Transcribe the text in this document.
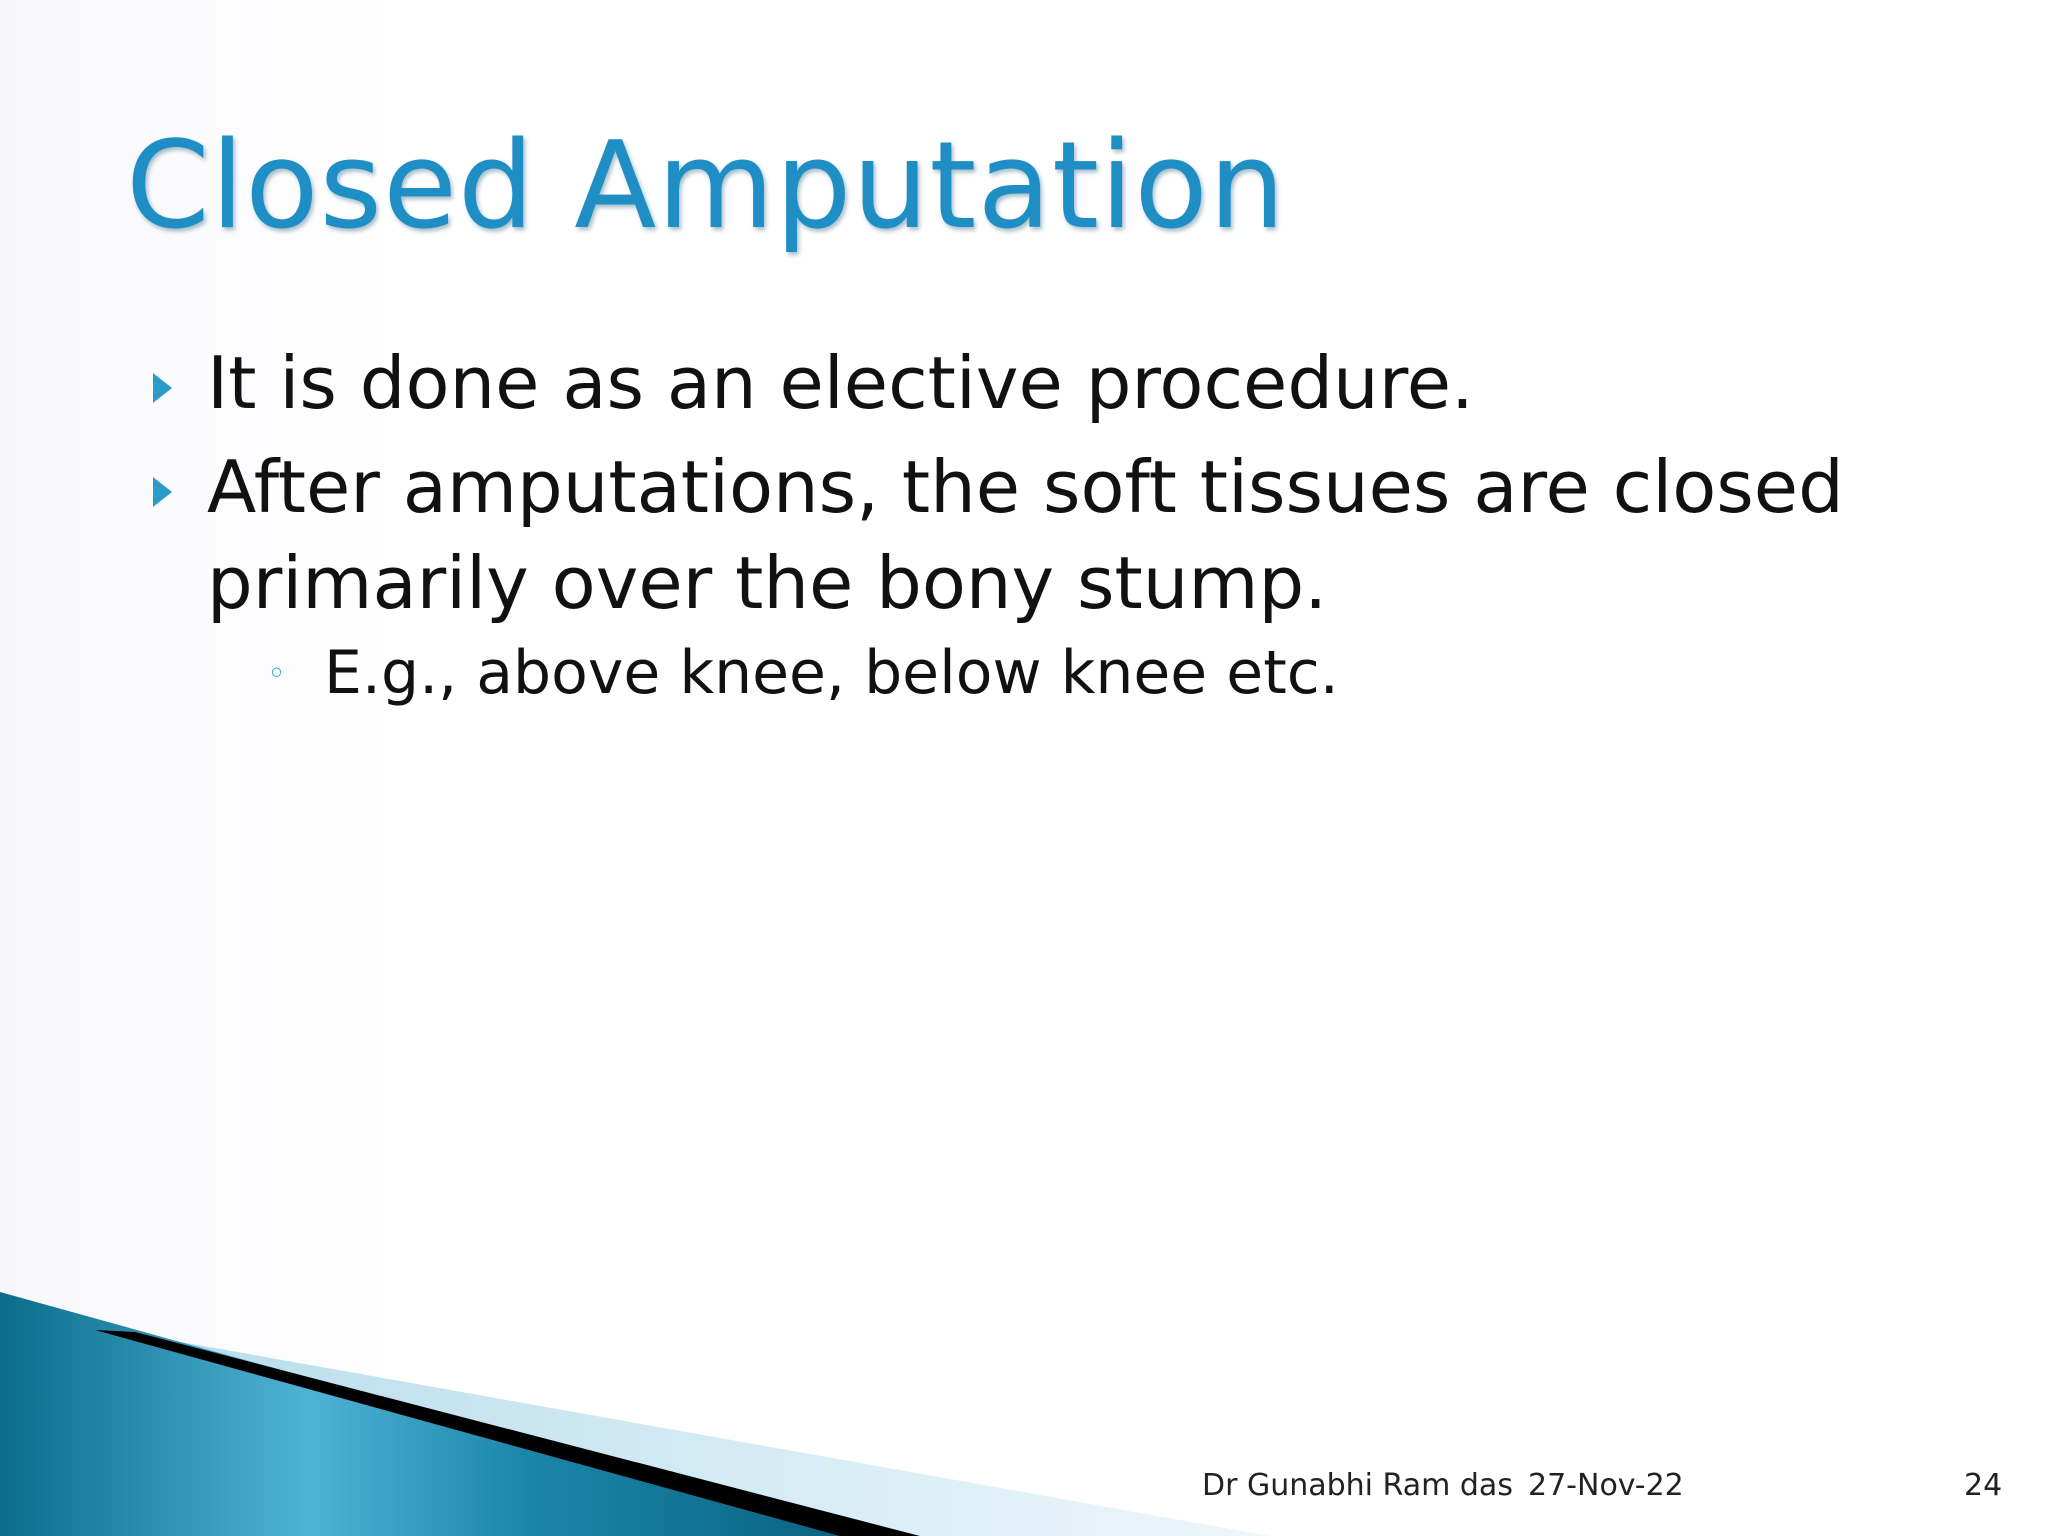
Closed Amputation
It is done as an elective procedure.
After amputations, the soft tissues are closed primarily over the bony stump.
◦ E.g., above knee, below knee etc.
Dr Gunabhi Ram das 27-Nov-22	24
